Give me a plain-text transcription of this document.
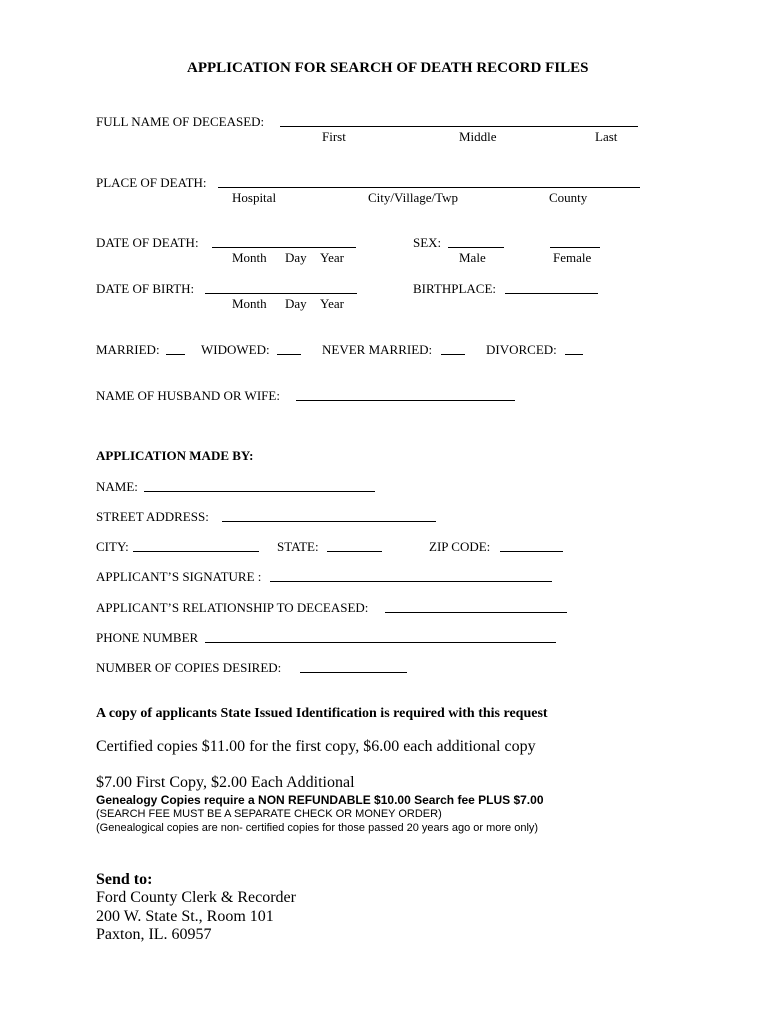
APPLICATION FOR SEARCH OF DEATH RECORD FILES
FULL NAME OF DECEASED:
First	Middle	Last
PLACE OF DEATH:
Hospital	City/Village/Twp	County
DATE OF DEATH:
Month Day Year
SEX:
Male	Female
DATE OF BIRTH:
Month Day Year
BIRTHPLACE:
MARRIED:	WIDOWED:	NEVER MARRIED:	DIVORCED:
NAME OF HUSBAND OR WIFE:
APPLICATION MADE BY:
NAME:
STREET ADDRESS:
CITY:	STATE:	ZIP CODE:
APPLICANT’S SIGNATURE :
APPLICANT’S RELATIONSHIP TO DECEASED:
PHONE NUMBER
NUMBER OF COPIES DESIRED:
A copy of applicants State Issued Identification is required with this request
Certified copies $11.00 for the first copy, $6.00 each additional copy
$7.00 First Copy, $2.00 Each Additional
Genealogy Copies require a NON REFUNDABLE $10.00 Search fee PLUS $7.00
(SEARCH FEE MUST BE A SEPARATE CHECK OR MONEY ORDER)
(Genealogical copies are non- certified copies for those passed 20 years ago or more only)
Send to:
Ford County Clerk & Recorder
200 W. State St., Room 101
Paxton, IL. 60957
